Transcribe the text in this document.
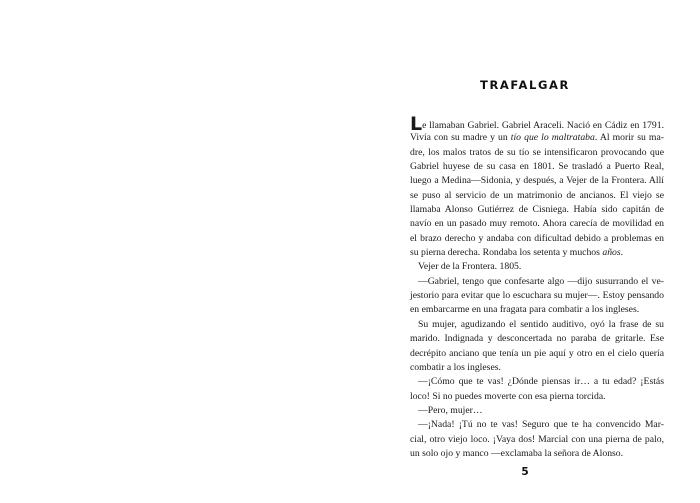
TRAFALGAR
Le llamaban Gabriel. Gabriel Araceli. Nació en Cádiz en 1791.
Vivía con su madre y un tío que lo maltrataba. Al morir su ma-
dre, los malos tratos de su tío se intensificaron provocando que
Gabriel huyese de su casa en 1801. Se trasladó a Puerto Real,
luego a Medina—Sidonia, y después, a Vejer de la Frontera. Allí
se puso al servicio de un matrimonio de ancianos. El viejo se
llamaba Alonso Gutiérrez de Cisniega. Había sido capitán de
navío en un pasado muy remoto. Ahora carecía de movilidad en
el brazo derecho y andaba con dificultad debido a problemas en
su pierna derecha. Rondaba los setenta y muchos años.
Vejer de la Frontera. 1805.
—Gabriel, tengo que confesarte algo —dijo susurrando el ve-
jestorio para evitar que lo escuchara su mujer—. Estoy pensando
en embarcarme en una fragata para combatir a los ingleses.
Su mujer, agudizando el sentido auditivo, oyó la frase de su
marido. Indignada y desconcertada no paraba de gritarle. Ese
decrépito anciano que tenía un pie aquí y otro en el cielo quería
combatir a los ingleses.
—¡Cómo que te vas! ¿Dónde piensas ir… a tu edad? ¡Estás
loco! Si no puedes moverte con esa pierna torcida.
—Pero, mujer…
—¡Nada! ¡Tú no te vas! Seguro que te ha convencido Mar-
cial, otro viejo loco. ¡Vaya dos! Marcial con una pierna de palo,
un solo ojo y manco —exclamaba la señora de Alonso.
5
